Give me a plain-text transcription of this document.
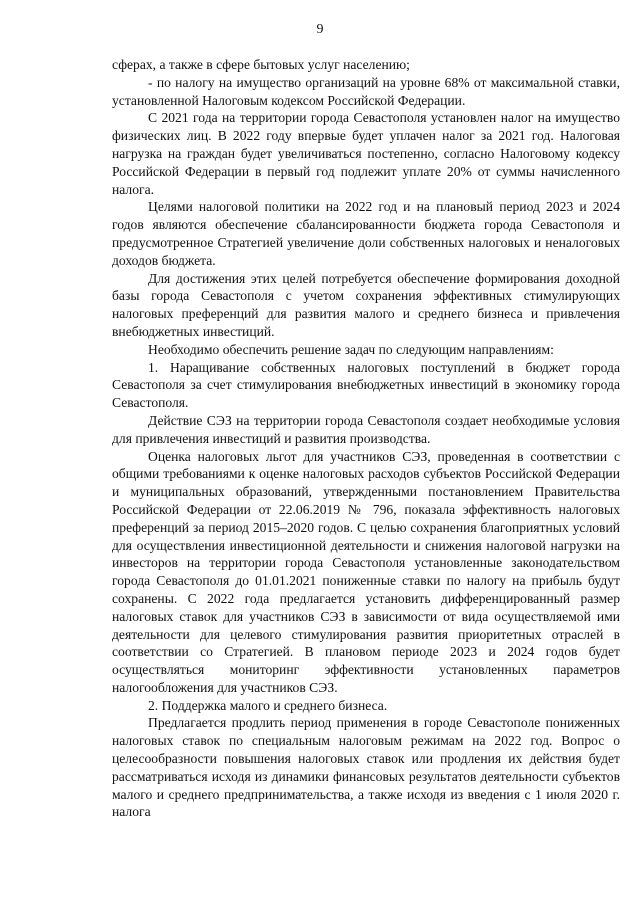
9

сферах, а также в сфере бытовых услуг населению;

- по налогу на имущество организаций на уровне 68% от максимальной ставки, установленной Налоговым кодексом Российской Федерации.

С 2021 года на территории города Севастополя установлен налог на имущество физических лиц. В 2022 году впервые будет уплачен налог за 2021 год. Налоговая нагрузка на граждан будет увеличиваться постепенно, согласно Налоговому кодексу Российской Федерации в первый год подлежит уплате 20% от суммы начисленного налога.

Целями налоговой политики на 2022 год и на плановый период 2023 и 2024 годов являются обеспечение сбалансированности бюджета города Севастополя и предусмотренное Стратегией увеличение доли собственных налоговых и неналоговых доходов бюджета.

Для достижения этих целей потребуется обеспечение формирования доходной базы города Севастополя с учетом сохранения эффективных стимулирующих налоговых преференций для развития малого и среднего бизнеса и привлечения внебюджетных инвестиций.

Необходимо обеспечить решение задач по следующим направлениям:

1. Наращивание собственных налоговых поступлений в бюджет города Севастополя за счет стимулирования внебюджетных инвестиций в экономику города Севастополя.

Действие СЭЗ на территории города Севастополя создает необходимые условия для привлечения инвестиций и развития производства.

Оценка налоговых льгот для участников СЭЗ, проведенная в соответствии с общими требованиями к оценке налоговых расходов субъектов Российской Федерации и муниципальных образований, утвержденными постановлением Правительства Российской Федерации от 22.06.2019 № 796, показала эффективность налоговых преференций за период 2015–2020 годов. С целью сохранения благоприятных условий для осуществления инвестиционной деятельности и снижения налоговой нагрузки на инвесторов на территории города Севастополя установленные законодательством города Севастополя до 01.01.2021 пониженные ставки по налогу на прибыль будут сохранены. С 2022 года предлагается установить дифференцированный размер налоговых ставок для участников СЭЗ в зависимости от вида осуществляемой ими деятельности для целевого стимулирования развития приоритетных отраслей в соответствии со Стратегией. В плановом периоде 2023 и 2024 годов будет осуществляться мониторинг эффективности установленных параметров налогообложения для участников СЭЗ.

2. Поддержка малого и среднего бизнеса.

Предлагается продлить период применения в городе Севастополе пониженных налоговых ставок по специальным налоговым режимам на 2022 год. Вопрос о целесообразности повышения налоговых ставок или продления их действия будет рассматриваться исходя из динамики финансовых результатов деятельности субъектов малого и среднего предпринимательства, а также исходя из введения с 1 июля 2020 г. налога
